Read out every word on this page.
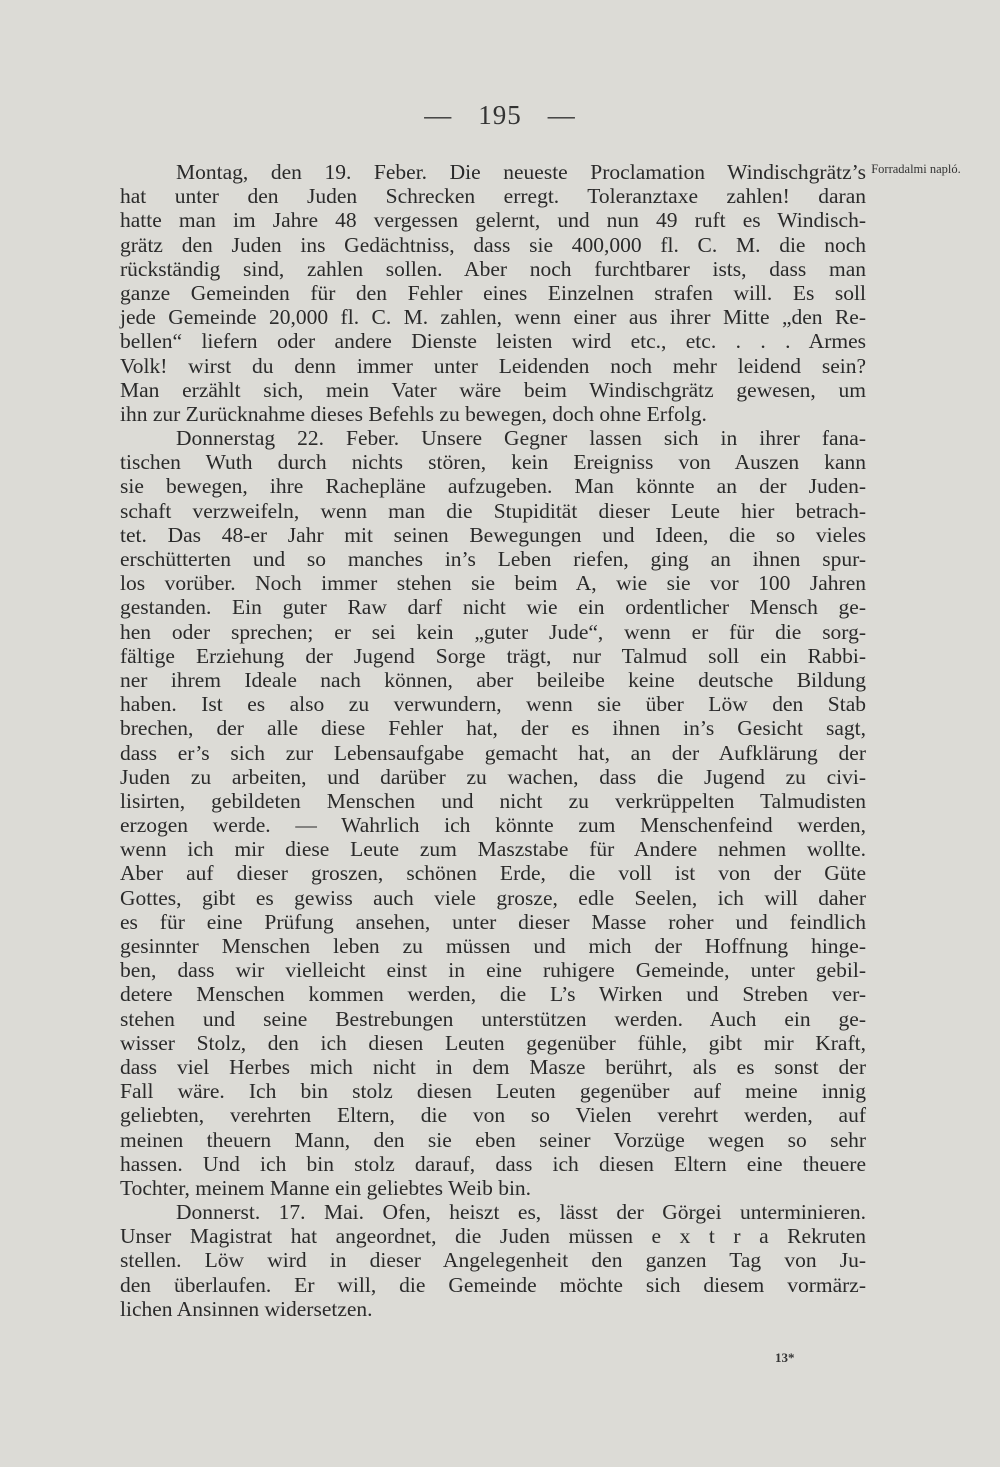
— 195 —
Forradalmi napló.
Montag, den 19. Feber. Die neueste Proclamation Windischgrätz’s
hat unter den Juden Schrecken erregt. Toleranztaxe zahlen! daran
hatte man im Jahre 48 vergessen gelernt, und nun 49 ruft es Windisch-
grätz den Juden ins Gedächtniss, dass sie 400,000 fl. C. M. die noch
rückständig sind, zahlen sollen. Aber noch furchtbarer ists, dass man
ganze Gemeinden für den Fehler eines Einzelnen strafen will. Es soll
jede Gemeinde 20,000 fl. C. M. zahlen, wenn einer aus ihrer Mitte „den Re-
bellen“ liefern oder andere Dienste leisten wird etc., etc. . . . Armes
Volk! wirst du denn immer unter Leidenden noch mehr leidend sein?
Man erzählt sich, mein Vater wäre beim Windischgrätz gewesen, um
ihn zur Zurücknahme dieses Befehls zu bewegen, doch ohne Erfolg.
Donnerstag 22. Feber. Unsere Gegner lassen sich in ihrer fana-
tischen Wuth durch nichts stören, kein Ereigniss von Auszen kann
sie bewegen, ihre Rachepläne aufzugeben. Man könnte an der Juden-
schaft verzweifeln, wenn man die Stupidität dieser Leute hier betrach-
tet. Das 48-er Jahr mit seinen Bewegungen und Ideen, die so vieles
erschütterten und so manches in’s Leben riefen, ging an ihnen spur-
los vorüber. Noch immer stehen sie beim A, wie sie vor 100 Jahren
gestanden. Ein guter Raw darf nicht wie ein ordentlicher Mensch ge-
hen oder sprechen; er sei kein „guter Jude“, wenn er für die sorg-
fältige Erziehung der Jugend Sorge trägt, nur Talmud soll ein Rabbi-
ner ihrem Ideale nach können, aber beileibe keine deutsche Bildung
haben. Ist es also zu verwundern, wenn sie über Löw den Stab
brechen, der alle diese Fehler hat, der es ihnen in’s Gesicht sagt,
dass er’s sich zur Lebensaufgabe gemacht hat, an der Aufklärung der
Juden zu arbeiten, und darüber zu wachen, dass die Jugend zu civi-
lisirten, gebildeten Menschen und nicht zu verkrüppelten Talmudisten
erzogen werde. — Wahrlich ich könnte zum Menschenfeind werden,
wenn ich mir diese Leute zum Maszstabe für Andere nehmen wollte.
Aber auf dieser groszen, schönen Erde, die voll ist von der Güte
Gottes, gibt es gewiss auch viele grosze, edle Seelen, ich will daher
es für eine Prüfung ansehen, unter dieser Masse roher und feindlich
gesinnter Menschen leben zu müssen und mich der Hoffnung hinge-
ben, dass wir vielleicht einst in eine ruhigere Gemeinde, unter gebil-
detere Menschen kommen werden, die L’s Wirken und Streben ver-
stehen und seine Bestrebungen unterstützen werden. Auch ein ge-
wisser Stolz, den ich diesen Leuten gegenüber fühle, gibt mir Kraft,
dass viel Herbes mich nicht in dem Masze berührt, als es sonst der
Fall wäre. Ich bin stolz diesen Leuten gegenüber auf meine innig
geliebten, verehrten Eltern, die von so Vielen verehrt werden, auf
meinen theuern Mann, den sie eben seiner Vorzüge wegen so sehr
hassen. Und ich bin stolz darauf, dass ich diesen Eltern eine theuere
Tochter, meinem Manne ein geliebtes Weib bin.
Donnerst. 17. Mai. Ofen, heiszt es, lässt der Görgei unterminieren.
Unser Magistrat hat angeordnet, die Juden müssen e x t r a Rekruten
stellen. Löw wird in dieser Angelegenheit den ganzen Tag von Ju-
den überlaufen. Er will, die Gemeinde möchte sich diesem vormärz-
lichen Ansinnen widersetzen.
13*
